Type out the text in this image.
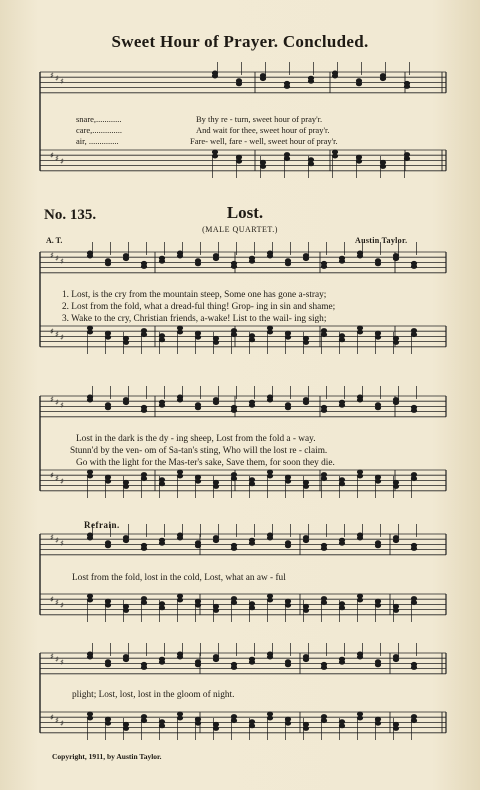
♯
♯
♯
♯
♯
♯
♯
♯
♯
♯
♯
♯
♯
♯
♯
♯
♯
♯
♯
♯
♯
♯
♯
♯
♯
♯
♯
♯
♯
♯
Sweet Hour of Prayer. Concluded.
snare,............	By thy re - turn, sweet hour of pray'r.
care,..............	And wait for thee, sweet hour of pray'r.
air, ..............	Fare- well, fare - well, sweet hour of pray'r.
No. 135.	Lost.
(MALE QUARTET.)
A. T.	Austin Taylor.
1. Lost, is the cry from the mountain steep, Some one has gone a-stray;
2. Lost from the fold, what a dread-ful thing! Grop- ing in sin and shame;
3. Wake to the cry, Christian friends, a-wake! List to the wail- ing sigh;
Lost in the dark is the dy - ing sheep, Lost from the fold a - way.
Stunn'd by the ven- om of Sa-tan's sting, Who will the lost re - claim.
Go with the light for the Mas-ter's sake, Save them, for soon they die.
Refrain.
Lost from the fold, lost in the cold, Lost, what an aw - ful
plight; Lost, lost, lost in the gloom of night.
Copyright, 1911, by Austin Taylor.
